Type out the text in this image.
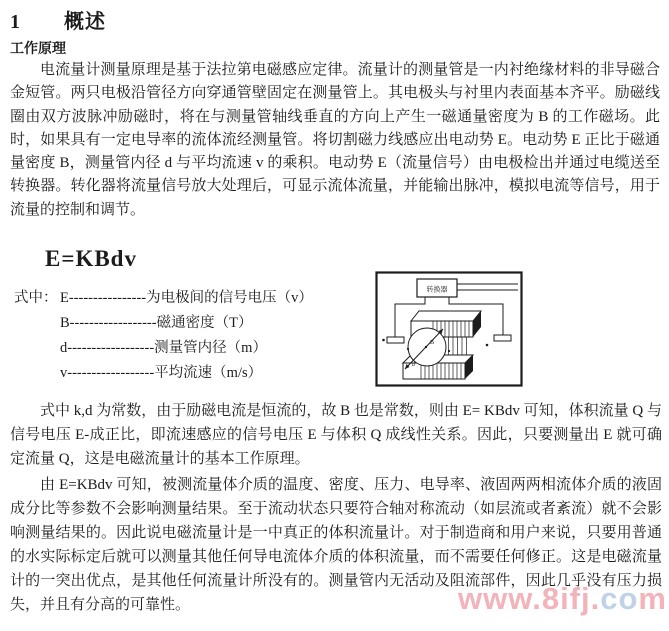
1 概述
工作原理

电流量计测量原理是基于法拉第电磁感应定律。流量计的测量管是一内衬绝缘材料的非导磁合金短管。两只电极沿管径方向穿通管壁固定在测量管上。其电极头与衬里内表面基本齐平。励磁线圈由双方波脉冲励磁时，将在与测量管轴线垂直的方向上产生一磁通量密度为 B 的工作磁场。此时，如果具有一定电导率的流体流经测量管。将切割磁力线感应出电动势 E。电动势 E 正比于磁通量密度 B，测量管内径 d 与平均流速 v 的乘积。电动势 E（流量信号）由电极检出并通过电缆送至转换器。转化器将流量信号放大处理后，可显示流体流量，并能输出脉冲，模拟电流等信号，用于流量的控制和调节。

E=KBdv
式中： E----------------为电极间的信号电压（v）
B------------------磁通密度（T）
d------------------测量管内径（m）
v------------------平均流速（m/s）
转换器
d
B

式中 k,d 为常数，由于励磁电流是恒流的，故 B 也是常数，则由 E= KBdv 可知，体积流量 Q 与信号电压 E-成正比，即流速感应的信号电压 E 与体积 Q 成线性关系。因此，只要测量出 E 就可确定流量 Q，这是电磁流量计的基本工作原理。

由 E=KBdv 可知，被测流量体介质的温度、密度、压力、电导率、液固两两相流体介质的液固成分比等参数不会影响测量结果。至于流动状态只要符合轴对称流动（如层流或者紊流）就不会影响测量结果的。因此说电磁流量计是一中真正的体积流量计。对于制造商和用户来说，只要用普通的水实际标定后就可以测量其他任何导电流体介质的体积流量，而不需要任何修正。这是电磁流量计的一突出优点，是其他任何流量计所没有的。测量管内无活动及阻流部件，因此几乎没有压力损失，并且有分高的可靠性。	www.8ifj.com
